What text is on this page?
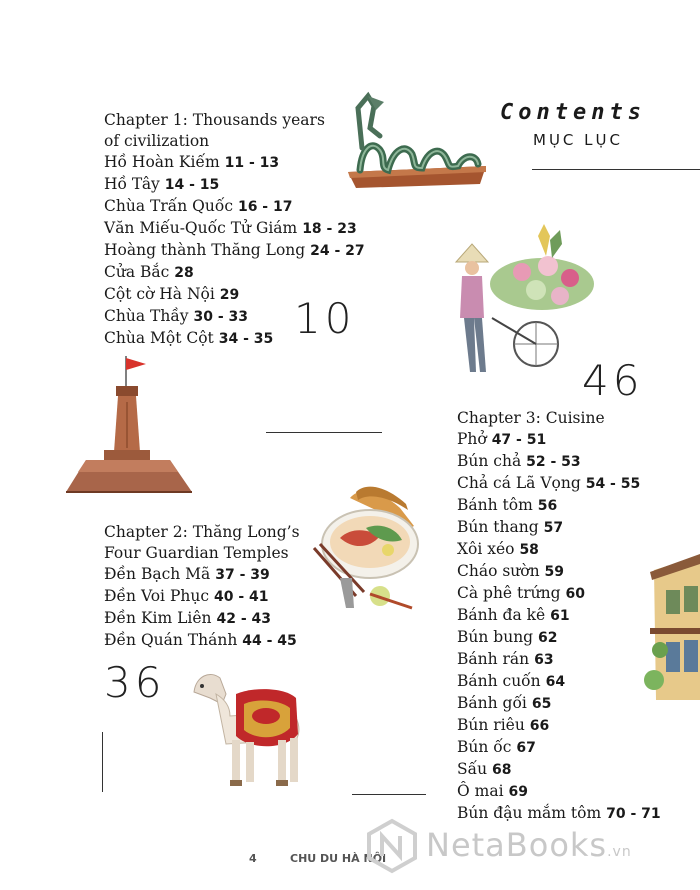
Contents
MỤC LỤC
Chapter 1: Thousands years
of civilization
Hồ Hoàn Kiếm 11 - 13
Hồ Tây 14 - 15
Chùa Trấn Quốc 16 - 17
Văn Miếu-Quốc Tử Giám 18 - 23
Hoàng thành Thăng Long 24 - 27
Cửa Bắc 28
Cột cờ Hà Nội 29
Chùa Thầy 30 - 33
Chùa Một Cột 34 - 35 10
46
Chapter 3: Cuisine
Phở 47 - 51
Bún chả 52 - 53
Chả cá Lã Vọng 54 - 55
Bánh tôm 56
Bún thang 57
Xôi xéo 58
Cháo sườn 59
Cà phê trứng 60
Bánh đa kê 61
Bún bung 62
Bánh rán 63
Bánh cuốn 64
Bánh gối 65
Bún riêu 66
Bún ốc 67
Sấu 68
Ô mai 69
Bún đậu mắm tôm 70 - 71
Chapter 2: Thăng Long’s
Four Guardian Temples
Đền Bạch Mã 37 - 39
Đền Voi Phục 40 - 41
Đền Kim Liên 42 - 43
Đền Quán Thánh 44 - 45
36
4	CHU DU HÀ NỘI NetaBooks.vn
